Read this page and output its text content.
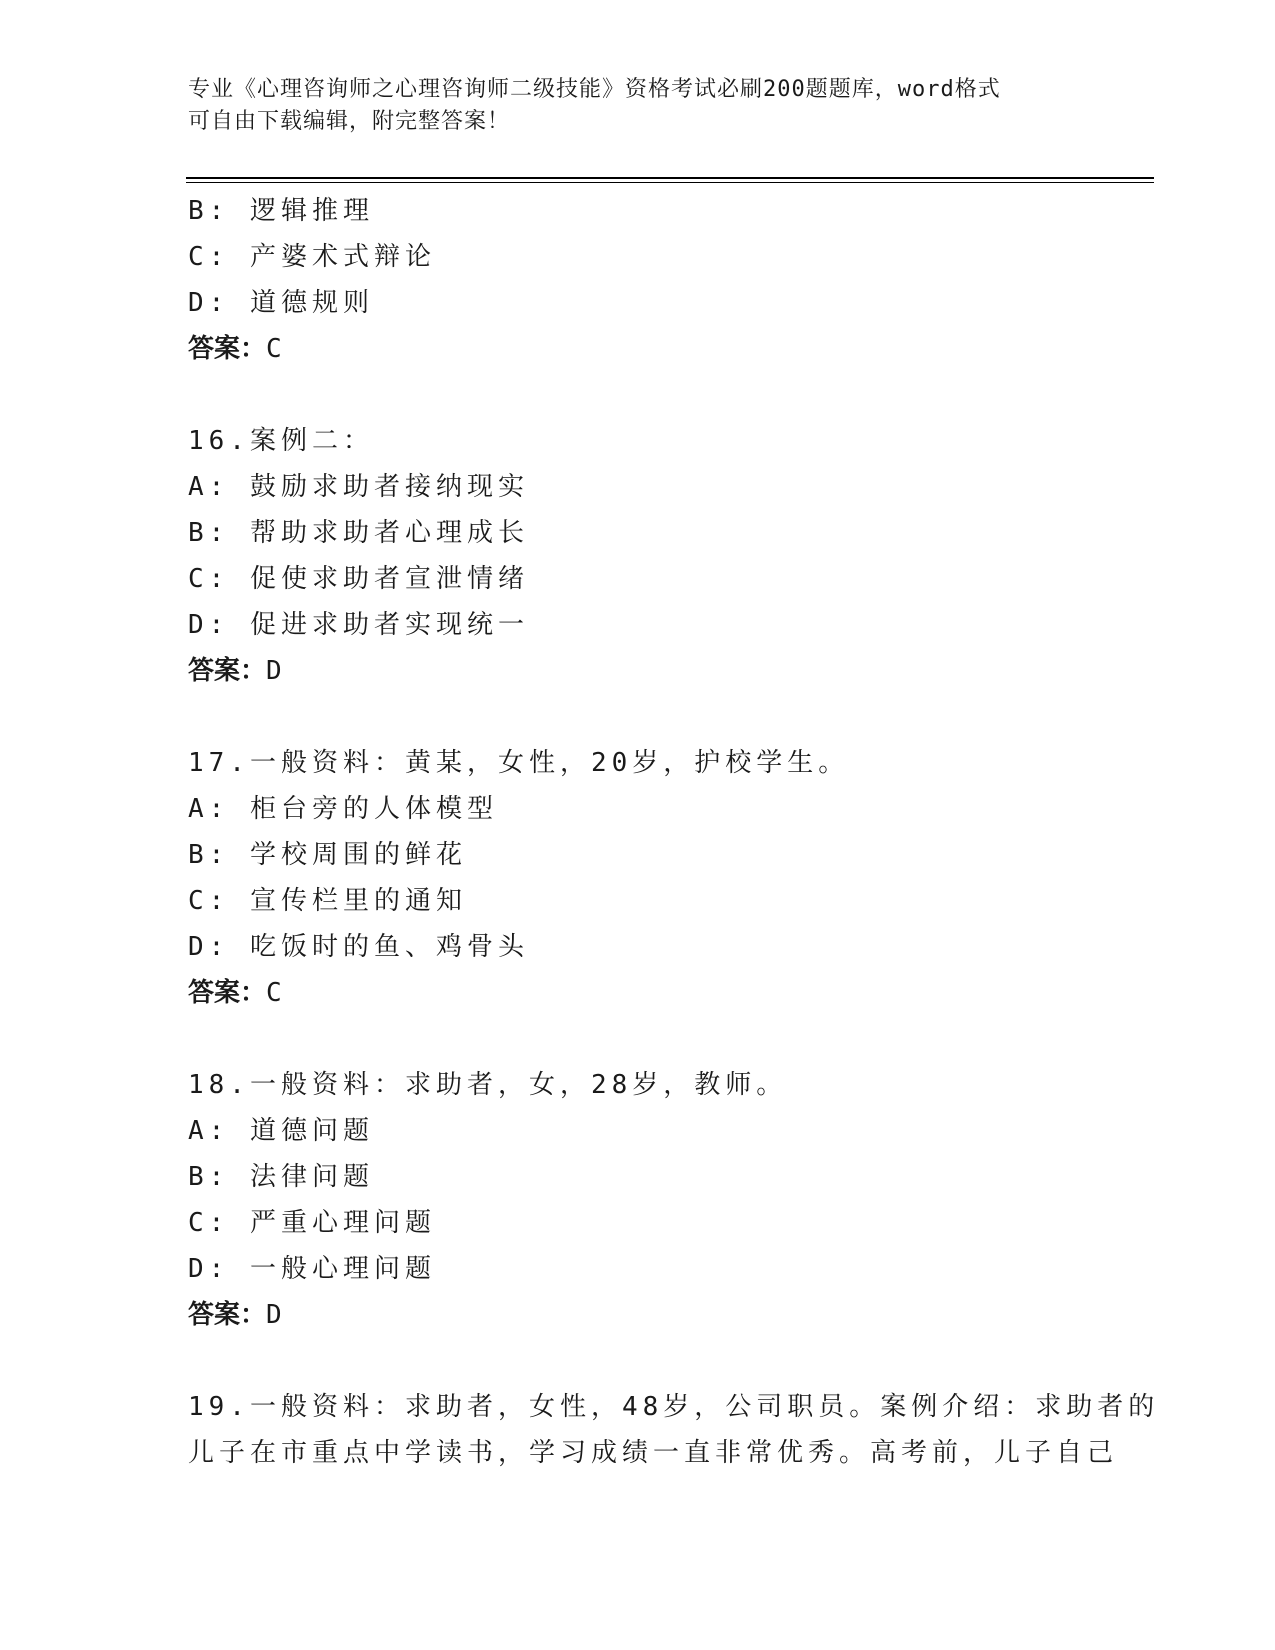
专业《心理咨询师之心理咨询师二级技能》资格考试必刷200题题库，word格式
可自由下载编辑，附完整答案！
B: 逻辑推理
C: 产婆术式辩论
D: 道德规则
答案：C
16.案例二：
A: 鼓励求助者接纳现实
B: 帮助求助者心理成长
C: 促使求助者宣泄情绪
D: 促进求助者实现统一
答案：D
17.一般资料：黄某，女性，20岁，护校学生。
A: 柜台旁的人体模型
B: 学校周围的鲜花
C: 宣传栏里的通知
D: 吃饭时的鱼、鸡骨头
答案：C
18.一般资料：求助者，女，28岁，教师。
A: 道德问题
B: 法律问题
C: 严重心理问题
D: 一般心理问题
答案：D
19.一般资料：求助者，女性，48岁，公司职员。案例介绍：求助者的
儿子在市重点中学读书，学习成绩一直非常优秀。高考前，儿子自己
